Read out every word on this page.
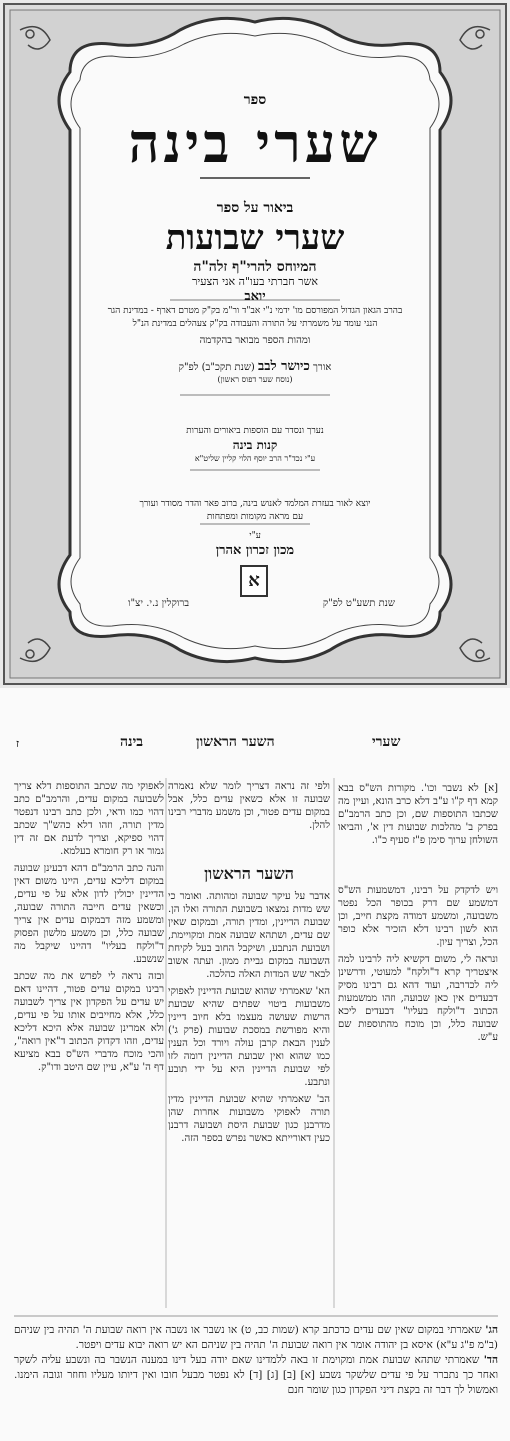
ספר
שערי בינה
ביאור על ספר
שערי שבועות
המיוחס להרי"ף זלה"ה
אשר חברתי בעו"ה אני הצעיר
יואב
בהרב הגאון הגדול המפורסם מו' ידמי נ"י אב"ד ור"מ בק"ק מטרם דארף - במדינת הגר
הנני עומד על משמרתי על התורה והעבודה בק"ק צעהלים במדינת הנ"ל
ומהות הספר מבואר בהקדמה
אורך כיושר לבב (שנת תקכ"ב) לפ"ק
(נוסח שער דפוס ראשון)
נערך ונסדר עם הוספות ביאורים והערות
קנות בינה
ע"י נכד"ר הרב יוסף הלוי קליין שליט"א
יוצא לאור בעזרת המלמד לאנוש בינה, ברוב פאר והדר מסודר ועורך
עם מראה מקומות ומפתחות
ע"י
מכון זכרון אהרן
א
שנת תשע"ט לפ"ק
ברוקלין נ.י. יצ"ו
שערי
השער הראשון
בינה
ז
[א] לא נשבר וכו'. מקורות הש"ס בבא קמא דף ק"ו ע"ב דלא כרב הונא, ועיין מה שכתבו התוספות שם, וכן כתב הרמב"ם בפרק ב' מהלכות שבועות דין א', והביאו השולחן ערוך סימן פ"ז סעיף כ"ו.

ויש לדקדק על רבינו, דמשמעות הש"ס דמשמע שם דרק בכופר הכל נפטר משבועה, ומשמע דמודה מקצת חייב, וכן הוא לשון רבינו דלא הזכיר אלא כופר הכל, וצריך עיון.

ונראה לי, משום דקשיא ליה לרבינו למה איצטריך קרא ד"ולקח" למעוטי, ודרשינן ליה לכדרבה, ועוד דהא גם רבינו מסיק דבעדים אין כאן שבועה, וזהו ממשמעות הכתוב ד"ולקח בעליו" דבעדים ליכא שבועה כלל, וכן מוכח מהתוספות שם ע"ש.

ולפי זה נראה דצריך לומר שלא נאמרה שבועה זו אלא כשאין עדים כלל, אבל במקום עדים פטור, וכן משמע מדברי רבינו להלן.

השער הראשון

אדבר על עיקר שבועה ומהותה. ואומר כי שש מדות נמצאו בשבועת התורה ואלו הן. שבועת הדיינין, ומדין תורה, ובמקום שאין שם עדים, ושתהא שבועה אמת ומקויימת, ושבועת הנתבע, ושיקבל החוב בעל לקיחת השבועה במקום גביית ממון. ועתה אשוב לבאר שש המדות האלה כהלכה.

הא' שאמרתי שהוא שבועת הדיינין לאפוקי משבועות ביטוי שפתים שהיא שבועת הרשות שעושה מעצמו בלא חיוב דיינין והיא מפורשת במסכת שבועות (פרק ג') לענין הבאת קרבן עולה ויורד וכל הענין כמו שהוא ואין שבועת הדיינין דומה לזו לפי שבועת הדיינין היא על ידי תובע ונתבע.

הב' שאמרתי שהיא שבועת הדיינין מדין תורה לאפוקי משבועות אחרות שהן מדרבנן כגון שבועת היסת ושבועה דרבנן כעין דאורייתא כאשר נפרש בספר הזה.

לאפוקי מה שכתב התוספות דלא צריך לשבועה במקום עדים, והרמב"ם כתב דהוי כמו ודאי, ולכן כתב רבינו דנפטר מדין תורה, וזהו דלא כהש"ך שכתב דהוי ספיקא, וצריך לדעת אם זה דין גמור או רק חומרא בעלמא.

והנה כתב הרמב"ם דהא דבעינן שבועה במקום דליכא עדים, היינו משום דאין הדיינין יכולין לדון אלא על פי עדים, וכשאין עדים חייבה התורה שבועה, ומשמע מזה דבמקום עדים אין צריך שבועה כלל, וכן משמע מלשון הפסוק ד"ולקח בעליו" דהיינו שיקבל מה שנשבע.

ובזה נראה לי לפרש את מה שכתב רבינו במקום עדים פטור, דהיינו דאם יש עדים על הפקדון אין צריך לשבועה כלל, אלא מחייבים אותו על פי עדים, ולא אמרינן שבועה אלא היכא דליכא עדים, וזהו דקדוק הכתוב ד"אין רואה", והכי מוכח מדברי הש"ס בבא מציעא דף ה' ע"א, עיין שם היטב ודו"ק.

הג' שאמרתי במקום שאין שם עדים כדכתב קרא (שמות כב, ט) או נשבר או נשבה אין רואה שבועת ה' תהיה בין שניהם (ב"מ פ"ג ע"א) איסא בן יהודה אומר אין רואה שבועת ה' תהיה בין שניהם הא יש רואה יבוא עדים ויפטר.

הד' שאמרתי שתהא שבועת אמת ומקוימת זו באה ללמדינו שאם יודה בעל דינו במענה הנשבר בה ונשבע עליה לשקר ואחר כך נתברר על פי עדים שלשקר נשבע [א] [ב] [ג] [ד] לא נפטר מבעל חובו ואין דיותו מעליו וחוזר וגובה הימנו. ואמשול לך דבר זה בקצת דיני הפקדון כגון שומר חנם
